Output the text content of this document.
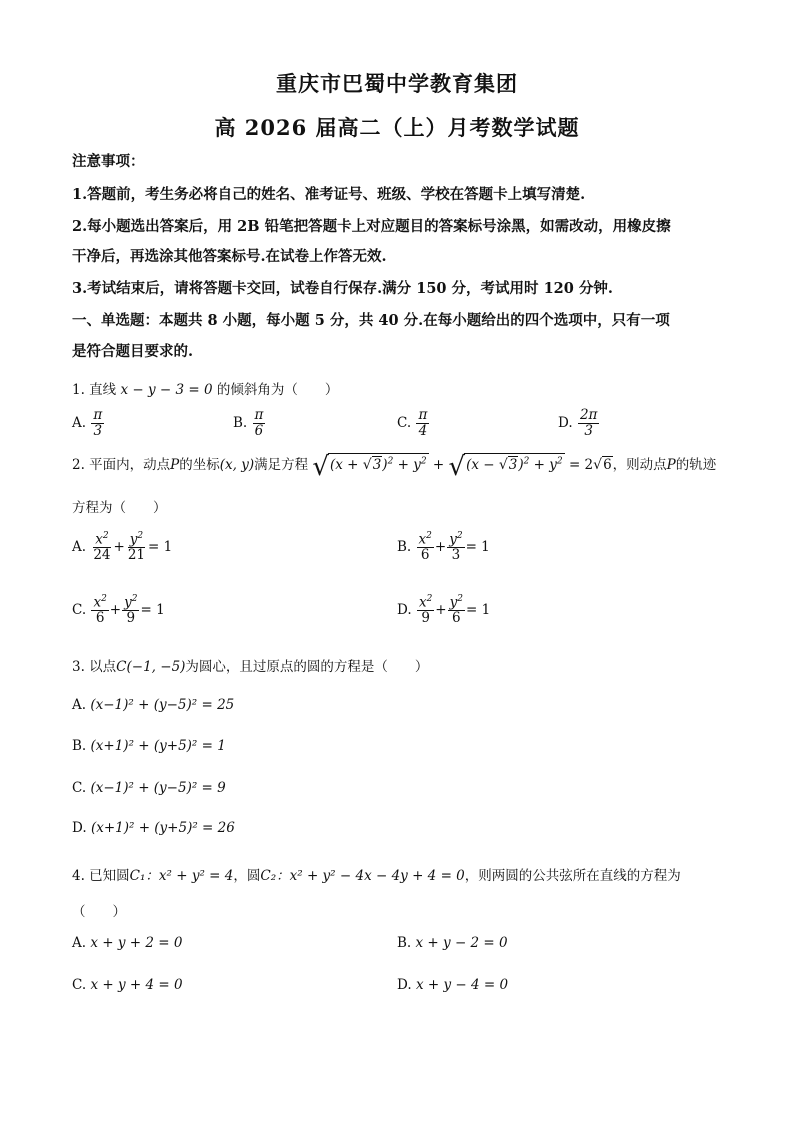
重庆市巴蜀中学教育集团
高 2026 届高二（上）月考数学试题
注意事项：
1.答题前，考生务必将自己的姓名、准考证号、班级、学校在答题卡上填写清楚.
2.每小题选出答案后，用 2B 铅笔把答题卡上对应题目的答案标号涂黑，如需改动，用橡皮擦
干净后，再选涂其他答案标号.在试卷上作答无效.
3.考试结束后，请将答题卡交回，试卷自行保存.满分 150 分，考试用时 120 分钟.
一、单选题：本题共 8 小题，每小题 5 分，共 40 分.在每小题给出的四个选项中，只有一项
是符合题目要求的.
1. 直线 x − y − 3 = 0 的倾斜角为（　　）
A. $\frac{\pi}{3}$	B. $\frac{\pi}{6}$	C. $\frac{\pi}{4}$	D. $\frac{2\pi}{3}$
2. 平面内，动点P的坐标(x, y)满足方程 $√(x + √3)^2 + y^2 + √(x - √3)^2 + y^2 = 2√6$，则动点P的轨迹
方程为（　　）
A. $\frac{x^2}{24} + \frac{y^2}{21} = 1$	B. $\frac{x^2}{6} + \frac{y^2}{3} = 1$
C. $\frac{x^2}{6} + \frac{y^2}{9} = 1$	D. $\frac{x^2}{9} + \frac{y^2}{6} = 1$
3. 以点C(−1, −5)为圆心，且过原点的圆的方程是（　　）
A. (x−1)² + (y−5)² = 25
B. (x+1)² + (y+5)² = 1
C. (x−1)² + (y−5)² = 9
D. (x+1)² + (y+5)² = 26
4. 已知圆C₁：x² + y² = 4，圆C₂：x² + y² − 4x − 4y + 4 = 0，则两圆的公共弦所在直线的方程为
（　　）
A. x + y + 2 = 0	B. x + y − 2 = 0
C. x + y + 4 = 0	D. x + y − 4 = 0
